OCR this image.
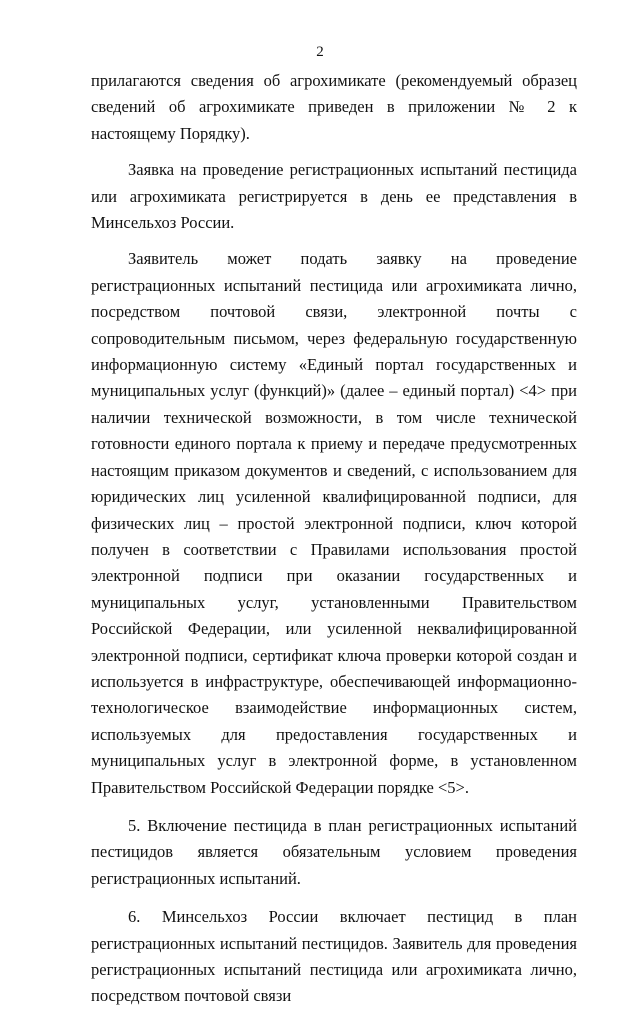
2

прилагаются сведения об агрохимикате (рекомендуемый образец сведений об агрохимикате приведен в приложении № 2 к настоящему Порядку).

Заявка на проведение регистрационных испытаний пестицида или агрохимиката регистрируется в день ее представления в Минсельхоз России.

Заявитель может подать заявку на проведение регистрационных испытаний пестицида или агрохимиката лично, посредством почтовой связи, электронной почты с сопроводительным письмом, через федеральную государственную информационную систему «Единый портал государственных и муниципальных услуг (функций)» (далее – единый портал) <4> при наличии технической возможности, в том числе технической готовности единого портала к приему и передаче предусмотренных настоящим приказом документов и сведений, с использованием для юридических лиц усиленной квалифицированной подписи, для физических лиц – простой электронной подписи, ключ которой получен в соответствии с Правилами использования простой электронной подписи при оказании государственных и муниципальных услуг, установленными Правительством Российской Федерации, или усиленной неквалифицированной электронной подписи, сертификат ключа проверки которой создан и используется в инфраструктуре, обеспечивающей информационно-технологическое взаимодействие информационных систем, используемых для предоставления государственных и муниципальных услуг в электронной форме, в установленном Правительством Российской Федерации порядке <5>.

5. Включение пестицида в план регистрационных испытаний пестицидов является обязательным условием проведения регистрационных испытаний.

6. Минсельхоз России включает пестицид в план регистрационных испытаний пестицидов. Заявитель для проведения регистрационных испытаний пестицида или агрохимиката лично, посредством почтовой связи
